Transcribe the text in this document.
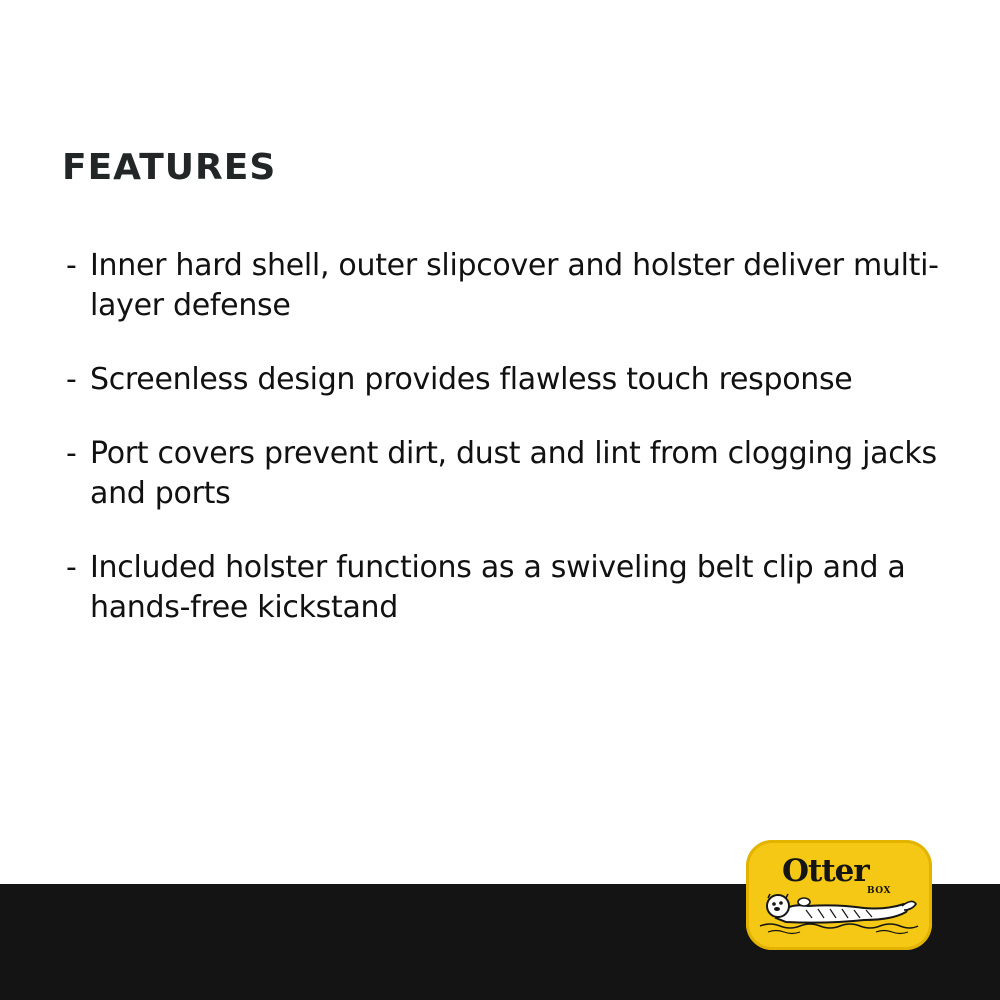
FEATURES
- Inner hard shell, outer slipcover and holster deliver multi-layer defense
- Screenless design provides flawless touch response
- Port covers prevent dirt, dust and lint from clogging jacks and ports
- Included holster functions as a swiveling belt clip and a hands-free kickstand
Otter
BOX
